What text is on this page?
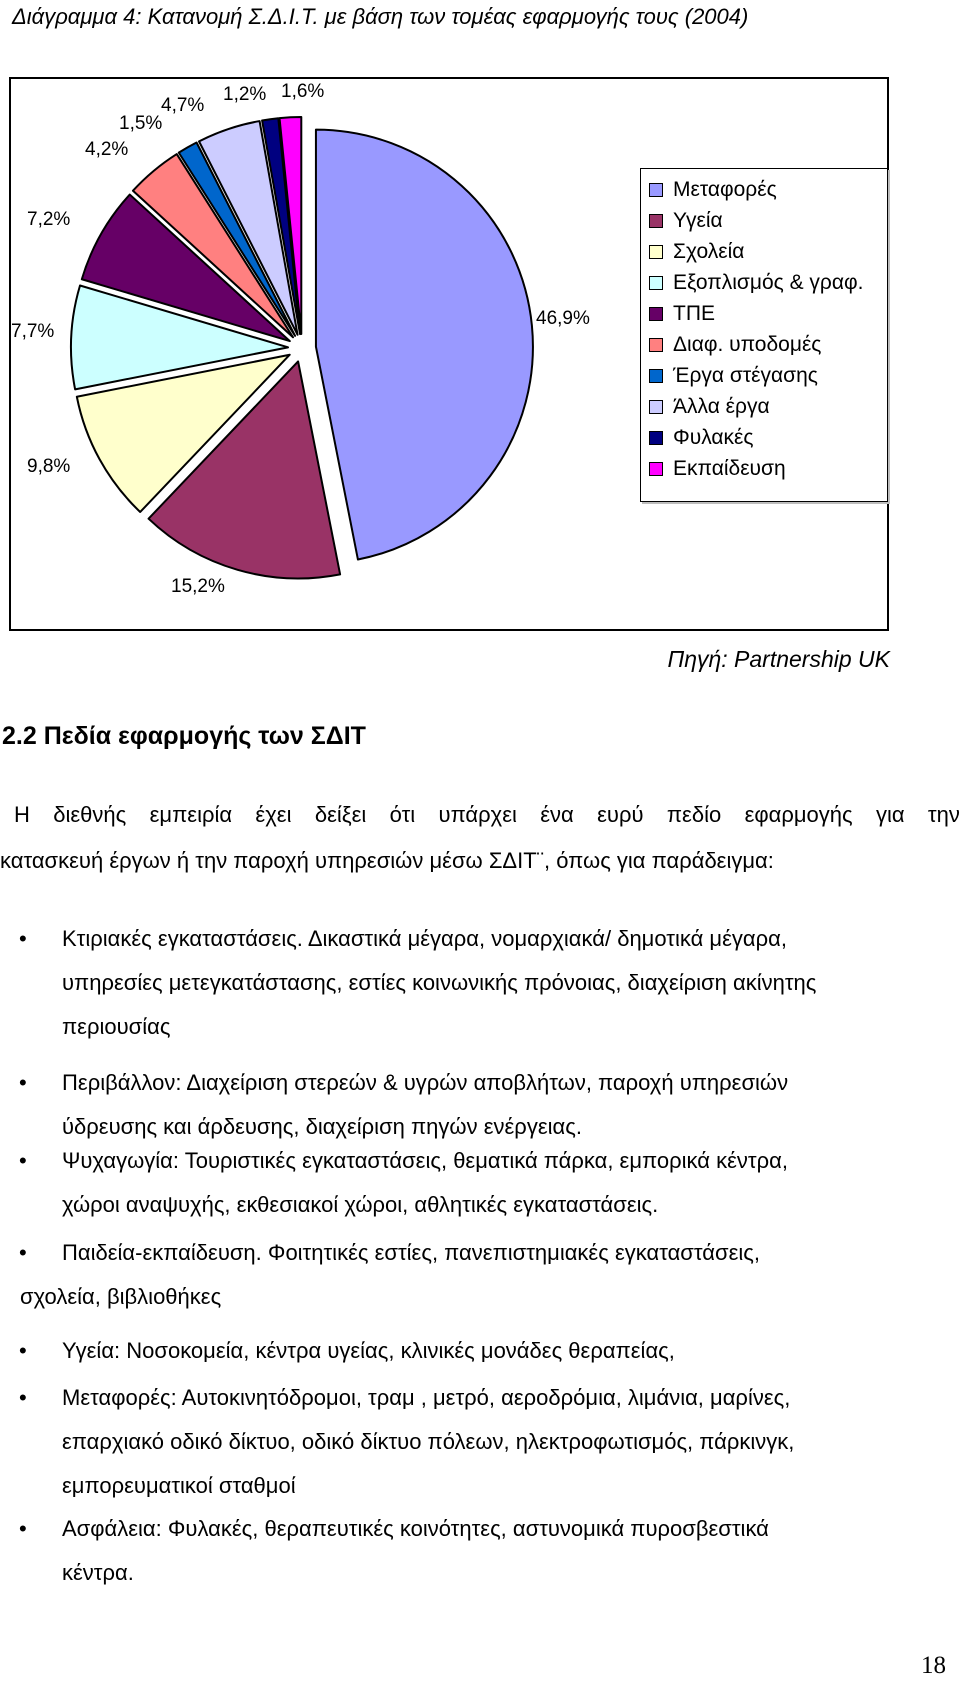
Διάγραμμα 4: Κατανομή Σ.Δ.Ι.Τ. με βάση των τομέας εφαρμογής τους (2004)
46,9%
15,2%
9,8%
7,7%
7,2%
4,2%
1,5%
4,7%
1,2% 1,6%
Μεταφορές
Υγεία
Σχολεία
Εξοπλισμός & γραφ.
ΤΠΕ
Διαφ. υποδομές
Έργα στέγασης
Άλλα έργα
Φυλακές
Εκπαίδευση
Πηγή: Partnership UK
2.2 Πεδία εφαρμογής των ΣΔΙΤ
Η διεθνής εμπειρία έχει δείξει ότι υπάρχει ένα ευρύ πεδίο εφαρμογής για την
κατασκευή έργων ή την παροχή υπηρεσιών μέσω ΣΔΙΤ¨, όπως για παράδειγμα:
• Κτιριακές εγκαταστάσεις. Δικαστικά μέγαρα, νομαρχιακά/ δημοτικά μέγαρα,
υπηρεσίες μετεγκατάστασης, εστίες κοινωνικής πρόνοιας, διαχείριση ακίνητης
περιουσίας
• Περιβάλλον: Διαχείριση στερεών & υγρών αποβλήτων, παροχή υπηρεσιών
ύδρευσης και άρδευσης, διαχείριση πηγών ενέργειας.
• Ψυχαγωγία: Τουριστικές εγκαταστάσεις, θεματικά πάρκα, εμπορικά κέντρα,
χώροι αναψυχής, εκθεσιακοί χώροι, αθλητικές εγκαταστάσεις.
• Παιδεία-εκπαίδευση. Φοιτητικές εστίες, πανεπιστημιακές εγκαταστάσεις,
σχολεία, βιβλιοθήκες
• Υγεία: Νοσοκομεία, κέντρα υγείας, κλινικές μονάδες θεραπείας,
• Μεταφορές: Αυτοκινητόδρομοι, τραμ , μετρό, αεροδρόμια, λιμάνια, μαρίνες,
επαρχιακό οδικό δίκτυο, οδικό δίκτυο πόλεων, ηλεκτροφωτισμός, πάρκινγκ,
εμπορευματικοί σταθμοί
• Ασφάλεια: Φυλακές, θεραπευτικές κοινότητες, αστυνομικά πυροσβεστικά
κέντρα.
18
